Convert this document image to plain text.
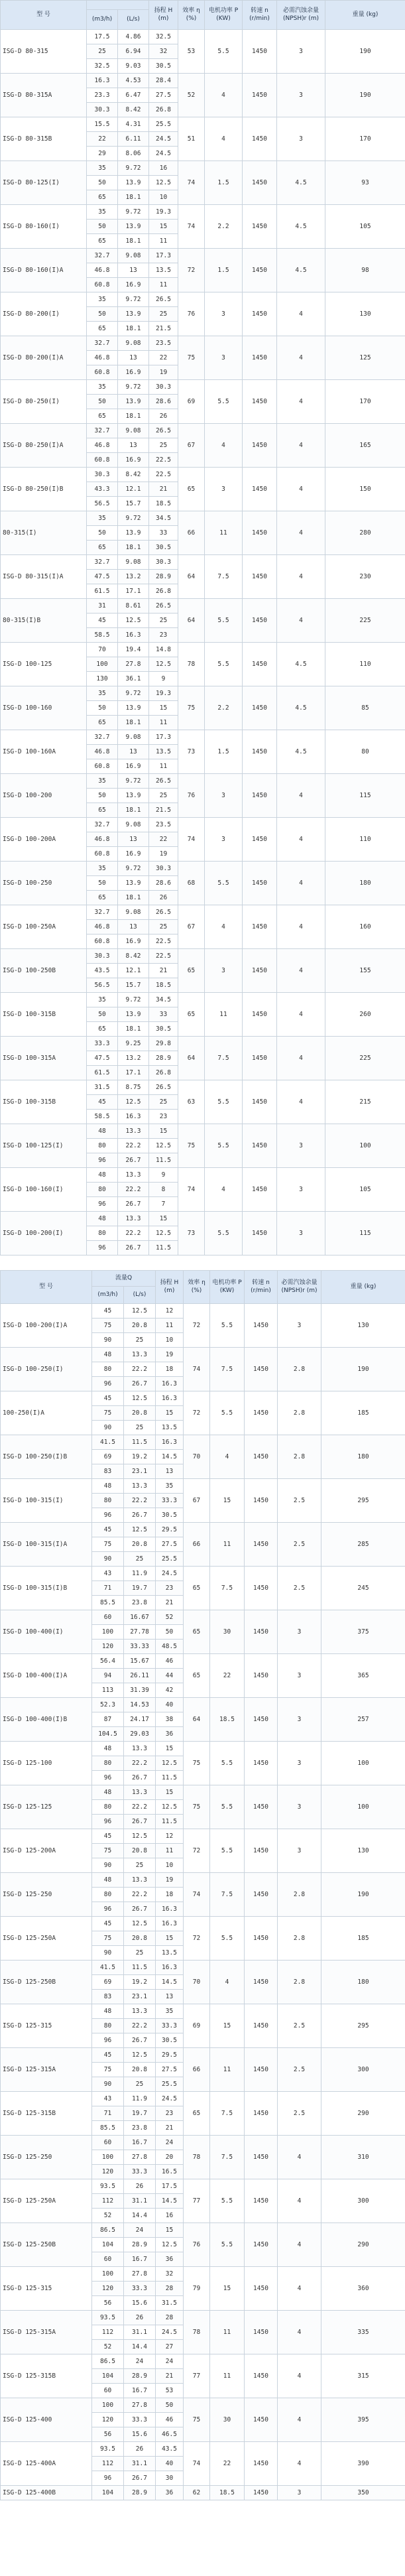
型 号			扬程 H (m)	效率 η (%)	电机功率 P (KW)	转速 n (r/min)	必需汽蚀余量 (NPSH)r (m)	重量 (kg)
	(m3/h)	(L/s)						
ISG-D 80-315	17.5	4.86	32.5	53	5.5	1450	3	190
	25	6.94	32					
	32.5	9.03	30.5					
ISG-D 80-315A	16.3	4.53	28.4	52	4	1450	3	190
	23.3	6.47	27.5					
	30.3	8.42	26.8					
ISG-D 80-315B	15.5	4.31	25.5	51	4	1450	3	170
	22	6.11	24.5					
	29	8.06	24.5					
ISG-D 80-125(I)	35	9.72	16	74	1.5	1450	4.5	93
	50	13.9	12.5					
	65	18.1	10					
ISG-D 80-160(I)	35	9.72	19.3	74	2.2	1450	4.5	105
	50	13.9	15					
	65	18.1	11					
ISG-D 80-160(I)A	32.7	9.08	17.3	72	1.5	1450	4.5	98
	46.8	13	13.5					
	60.8	16.9	11					
ISG-D 80-200(I)	35	9.72	26.5	76	3	1450	4	130
	50	13.9	25					
	65	18.1	21.5					
ISG-D 80-200(I)A	32.7	9.08	23.5	75	3	1450	4	125
	46.8	13	22					
	60.8	16.9	19					
ISG-D 80-250(I)	35	9.72	30.3	69	5.5	1450	4	170
	50	13.9	28.6					
	65	18.1	26					
ISG-D 80-250(I)A	32.7	9.08	26.5	67	4	1450	4	165
	46.8	13	25					
	60.8	16.9	22.5					
ISG-D 80-250(I)B	30.3	8.42	22.5	65	3	1450	4	150
	43.3	12.1	21					
	56.5	15.7	18.5					
80-315(I)	35	9.72	34.5	66	11	1450	4	280
	50	13.9	33					
	65	18.1	30.5					
ISG-D 80-315(I)A	32.7	9.08	30.3	64	7.5	1450	4	230
	47.5	13.2	28.9					
	61.5	17.1	26.8					
80-315(I)B	31	8.61	26.5	64	5.5	1450	4	225
	45	12.5	25					
	58.5	16.3	23					
ISG-D 100-125	70	19.4	14.8	78	5.5	1450	4.5	110
	100	27.8	12.5					
	130	36.1	9					
ISG-D 100-160	35	9.72	19.3	75	2.2	1450	4.5	85
	50	13.9	15					
	65	18.1	11					
ISG-D 100-160A	32.7	9.08	17.3	73	1.5	1450	4.5	80
	46.8	13	13.5					
	60.8	16.9	11					
ISG-D 100-200	35	9.72	26.5	76	3	1450	4	115
	50	13.9	25					
	65	18.1	21.5					
ISG-D 100-200A	32.7	9.08	23.5	74	3	1450	4	110
	46.8	13	22					
	60.8	16.9	19					
ISG-D 100-250	35	9.72	30.3	68	5.5	1450	4	180
	50	13.9	28.6					
	65	18.1	26					
ISG-D 100-250A	32.7	9.08	26.5	67	4	1450	4	160
	46.8	13	25					
	60.8	16.9	22.5					
ISG-D 100-250B	30.3	8.42	22.5	65	3	1450	4	155
	43.5	12.1	21					
	56.5	15.7	18.5					
ISG-D 100-315B	35	9.72	34.5	65	11	1450	4	260
	50	13.9	33					
	65	18.1	30.5					
ISG-D 100-315A	33.3	9.25	29.8	64	7.5	1450	4	225
	47.5	13.2	28.9					
	61.5	17.1	26.8					
ISG-D 100-315B	31.5	8.75	26.5	63	5.5	1450	4	215
	45	12.5	25					
	58.5	16.3	23					
ISG-D 100-125(I)	48	13.3	15	75	5.5	1450	3	100
	80	22.2	12.5					
	96	26.7	11.5					
ISG-D 100-160(I)	48	13.3	9	74	4	1450	3	105
	80	22.2	8					
	96	26.7	7					
ISG-D 100-200(I)	48	13.3	15	73	5.5	1450	3	115
	80	22.2	12.5					
	96	26.7	11.5					
型 号	流量Q		扬程 H (m)	效率 η (%)	电机功率 P (KW)	转速 n (r/min)	必需汽蚀余量 (NPSH)r (m)	重量 (kg)
	(m3/h)	(L/s)						
ISG-D 100-200(I)A	45	12.5	12	72	5.5	1450	3	130
	75	20.8	11					
	90	25	10					
ISG-D 100-250(I)	48	13.3	19	74	7.5	1450	2.8	190
	80	22.2	18					
	96	26.7	16.3					
100-250(I)A	45	12.5	16.3	72	5.5	1450	2.8	185
	75	20.8	15					
	90	25	13.5					
ISG-D 100-250(I)B	41.5	11.5	16.3	70	4	1450	2.8	180
	69	19.2	14.5					
	83	23.1	13					
ISG-D 100-315(I)	48	13.3	35	67	15	1450	2.5	295
	80	22.2	33.3					
	96	26.7	30.5					
ISG-D 100-315(I)A	45	12.5	29.5	66	11	1450	2.5	285
	75	20.8	27.5					
	90	25	25.5					
ISG-D 100-315(I)B	43	11.9	24.5	65	7.5	1450	2.5	245
	71	19.7	23					
	85.5	23.8	21					
ISG-D 100-400(I)	60	16.67	52	65	30	1450	3	375
	100	27.78	50					
	120	33.33	48.5					
ISG-D 100-400(I)A	56.4	15.67	46	65	22	1450	3	365
	94	26.11	44					
	113	31.39	42					
ISG-D 100-400(I)B	52.3	14.53	40	64	18.5	1450	3	257
	87	24.17	38					
	104.5	29.03	36					
ISG-D 125-100	48	13.3	15	75	5.5	1450	3	100
	80	22.2	12.5					
	96	26.7	11.5					
ISG-D 125-125	48	13.3	15	75	5.5	1450	3	100
	80	22.2	12.5					
	96	26.7	11.5					
ISG-D 125-200A	45	12.5	12	72	5.5	1450	3	130
	75	20.8	11					
	90	25	10					
ISG-D 125-250	48	13.3	19	74	7.5	1450	2.8	190
	80	22.2	18					
	96	26.7	16.3					
ISG-D 125-250A	45	12.5	16.3	72	5.5	1450	2.8	185
	75	20.8	15					
	90	25	13.5					
ISG-D 125-250B	41.5	11.5	16.3	70	4	1450	2.8	180
	69	19.2	14.5					
	83	23.1	13					
ISG-D 125-315	48	13.3	35	69	15	1450	2.5	295
	80	22.2	33.3					
	96	26.7	30.5					
ISG-D 125-315A	45	12.5	29.5	66	11	1450	2.5	300
	75	20.8	27.5					
	90	25	25.5					
ISG-D 125-315B	43	11.9	24.5	65	7.5	1450	2.5	290
	71	19.7	23					
	85.5	23.8	21					
ISG-D 125-250	60	16.7	24	78	7.5	1450	4	310
	100	27.8	20					
	120	33.3	16.5					
ISG-D 125-250A	93.5	26	17.5	77	5.5	1450	4	300
	112	31.1	14.5					
	52	14.4	16					
ISG-D 125-250B	86.5	24	15	76	5.5	1450	4	290
	104	28.9	12.5					
	60	16.7	36					
ISG-D 125-315	100	27.8	32	79	15	1450	4	360
	120	33.3	28					
	56	15.6	31.5					
ISG-D 125-315A	93.5	26	28	78	11	1450	4	335
	112	31.1	24.5					
	52	14.4	27					
ISG-D 125-315B	86.5	24	24	77	11	1450	4	315
	104	28.9	21					
	60	16.7	53					
ISG-D 125-400	100	27.8	50	75	30	1450	4	395
	120	33.3	46					
	56	15.6	46.5					
ISG-D 125-400A	93.5	26	43.5	74	22	1450	4	390
	112	31.1	40					
	96	26.7	30					
ISG-D 125-400B	104	28.9	36	62	18.5	1450	3	350
